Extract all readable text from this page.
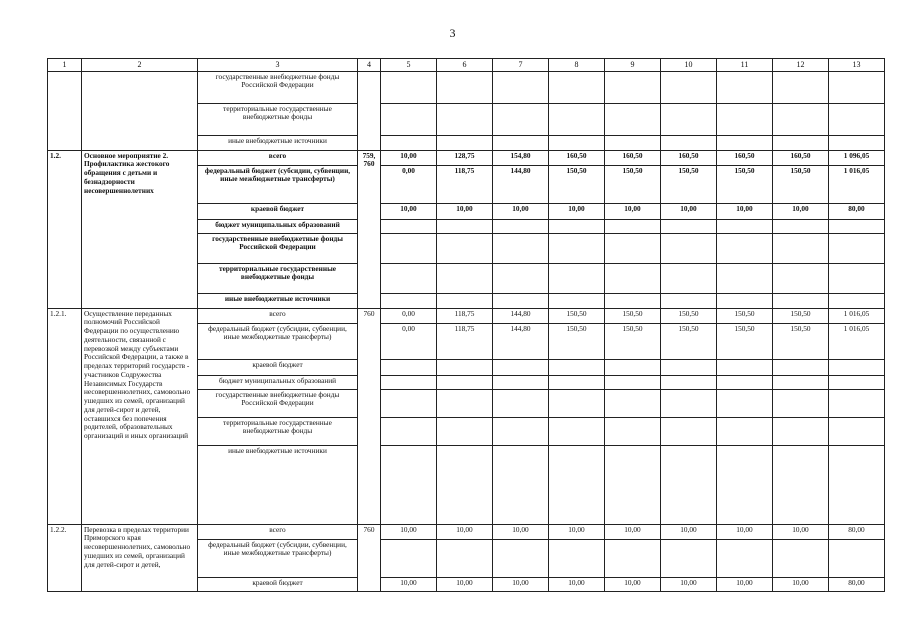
3
1	2	3	4	5	6	7	8	9	10	11	12	13
		государственные внебюджетные фонды Российской Федерации										
		территориальные государственные внебюджетные фонды										
		иные внебюджетные источники										
1.2.	Основное мероприятие 2. Профилактика жестокого обращения с детьми и безнадзорности несовершеннолетних	всего	759, 760	10,00	128,75	154,80	160,50	160,50	160,50	160,50	160,50	1 096,05
		федеральный бюджет (субсидии, субвенции, иные межбюджетные трансферты)		0,00	118,75	144,80	150,50	150,50	150,50	150,50	150,50	1 016,05
		краевой бюджет		10,00	10,00	10,00	10,00	10,00	10,00	10,00	10,00	80,00
		бюджет муниципальных образований										
		государственные внебюджетные фонды Российской Федерации										
		территориальные государственные внебюджетные фонды										
		иные внебюджетные источники										
1.2.1.	Осуществление переданных полномочий Российской Федерации по осуществлению деятельности, связанной с перевозкой между субъектами Российской Федерации, а также в пределах территорий государств - участников Содружества Независимых Государств несовершеннолетних, самовольно ушедших из семей, организаций для детей-сирот и детей, оставшихся без попечения родителей, образовательных организаций и иных организаций	всего	760	0,00	118,75	144,80	150,50	150,50	150,50	150,50	150,50	1 016,05
		федеральный бюджет (субсидии, субвенции, иные межбюджетные трансферты)		0,00	118,75	144,80	150,50	150,50	150,50	150,50	150,50	1 016,05
		краевой бюджет										
		бюджет муниципальных образований										
		государственные внебюджетные фонды Российской Федерации										
		территориальные государственные внебюджетные фонды										
		иные внебюджетные источники										
1.2.2.	Перевозка в пределах территории Приморского края несовершеннолетних, самовольно ушедших из семей, организаций для детей-сирот и детей,	всего	760	10,00	10,00	10,00	10,00	10,00	10,00	10,00	10,00	80,00
		федеральный бюджет (субсидии, субвенции, иные межбюджетные трансферты)										
		краевой бюджет		10,00	10,00	10,00	10,00	10,00	10,00	10,00	10,00	80,00
